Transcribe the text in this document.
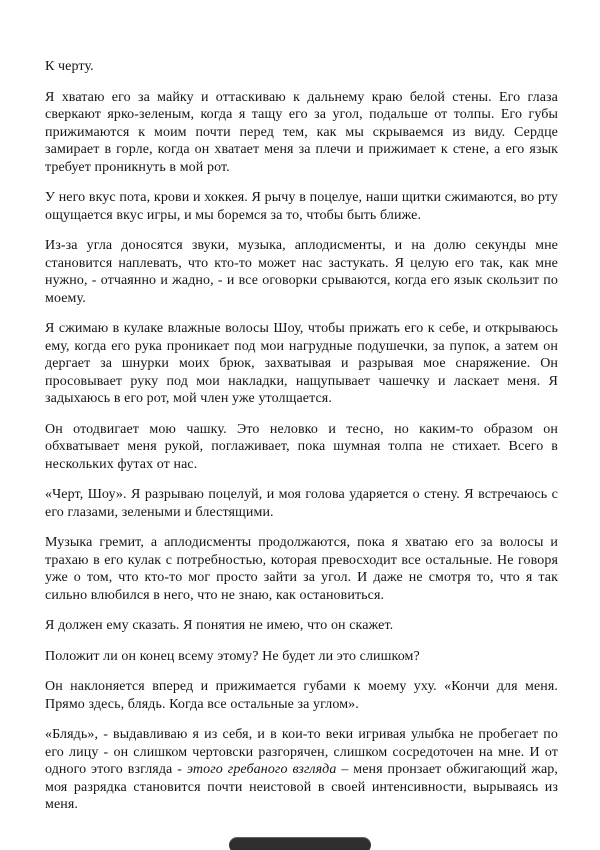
К черту.

Я хватаю его за майку и оттаскиваю к дальнему краю белой стены. Его глаза сверкают ярко-зеленым, когда я тащу его за угол, подальше от толпы. Его губы прижимаются к моим почти перед тем, как мы скрываемся из виду. Сердце замирает в горле, когда он хватает меня за плечи и прижимает к стене, а его язык требует проникнуть в мой рот.

У него вкус пота, крови и хоккея. Я рычу в поцелуе, наши щитки сжимаются, во рту ощущается вкус игры, и мы боремся за то, чтобы быть ближе.

Из-за угла доносятся звуки, музыка, аплодисменты, и на долю секунды мне становится наплевать, что кто-то может нас застукать. Я целую его так, как мне нужно, - отчаянно и жадно, - и все оговорки срываются, когда его язык скользит по моему.

Я сжимаю в кулаке влажные волосы Шоу, чтобы прижать его к себе, и открываюсь ему, когда его рука проникает под мои нагрудные подушечки, за пупок, а затем он дергает за шнурки моих брюк, захватывая и разрывая мое снаряжение. Он просовывает руку под мои накладки, нащупывает чашечку и ласкает меня. Я задыхаюсь в его рот, мой член уже утолщается.

Он отодвигает мою чашку. Это неловко и тесно, но каким-то образом он обхватывает меня рукой, поглаживает, пока шумная толпа не стихает. Всего в нескольких футах от нас.

«Черт, Шоу». Я разрываю поцелуй, и моя голова ударяется о стену. Я встречаюсь с его глазами, зелеными и блестящими.

Музыка гремит, а аплодисменты продолжаются, пока я хватаю его за волосы и трахаю в его кулак с потребностью, которая превосходит все остальные. Не говоря уже о том, что кто-то мог просто зайти за угол. И даже не смотря то, что я так сильно влюбился в него, что не знаю, как остановиться.

Я должен ему сказать. Я понятия не имею, что он скажет.

Положит ли он конец всему этому? Не будет ли это слишком?

Он наклоняется вперед и прижимается губами к моему уху. «Кончи для меня. Прямо здесь, блядь. Когда все остальные за углом».

«Блядь», - выдавливаю я из себя, и в кои-то веки игривая улыбка не пробегает по его лицу - он слишком чертовски разгорячен, слишком сосредоточен на мне. И от одного этого взгляда - этого гребаного взгляда – меня пронзает обжигающий жар, моя разрядка становится почти неистовой в своей интенсивности, вырываясь из меня.
